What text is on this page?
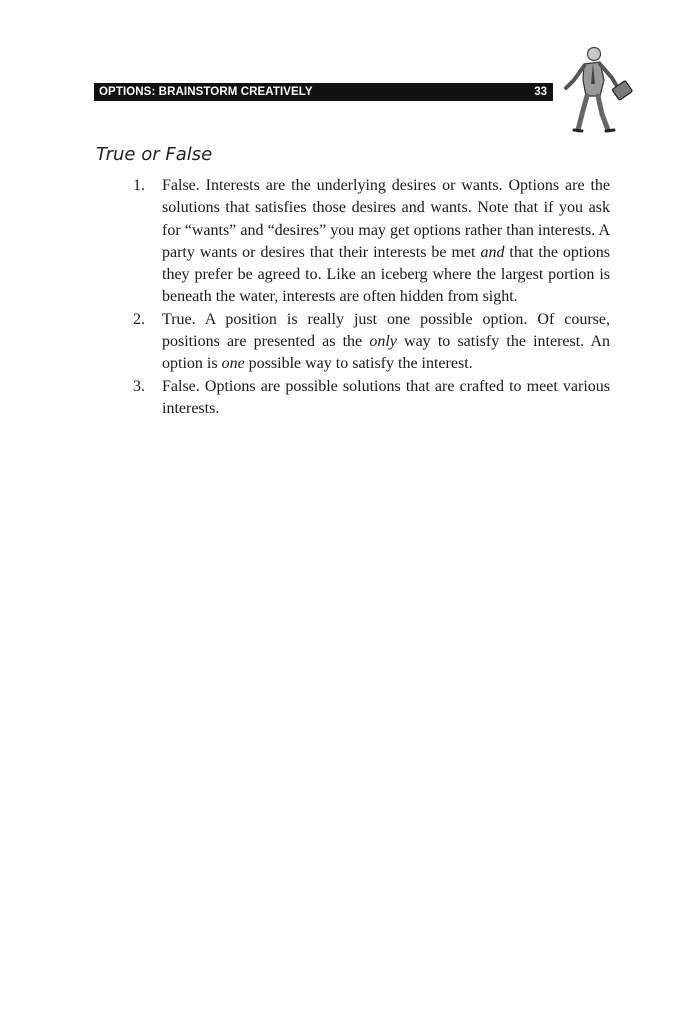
OPTIONS: BRAINSTORM CREATIVELY	33
True or False
1. False. Interests are the underlying desires or wants. Options are the solutions that satisfies those desires and wants. Note that if you ask for “wants” and “desires” you may get options rather than interests. A party wants or desires that their interests be met and that the options they prefer be agreed to. Like an iceberg where the largest portion is beneath the water, interests are often hidden from sight.
2. True. A position is really just one possible option. Of course, positions are presented as the only way to satisfy the interest. An option is one possible way to satisfy the interest.
3. False. Options are possible solutions that are crafted to meet various interests.
